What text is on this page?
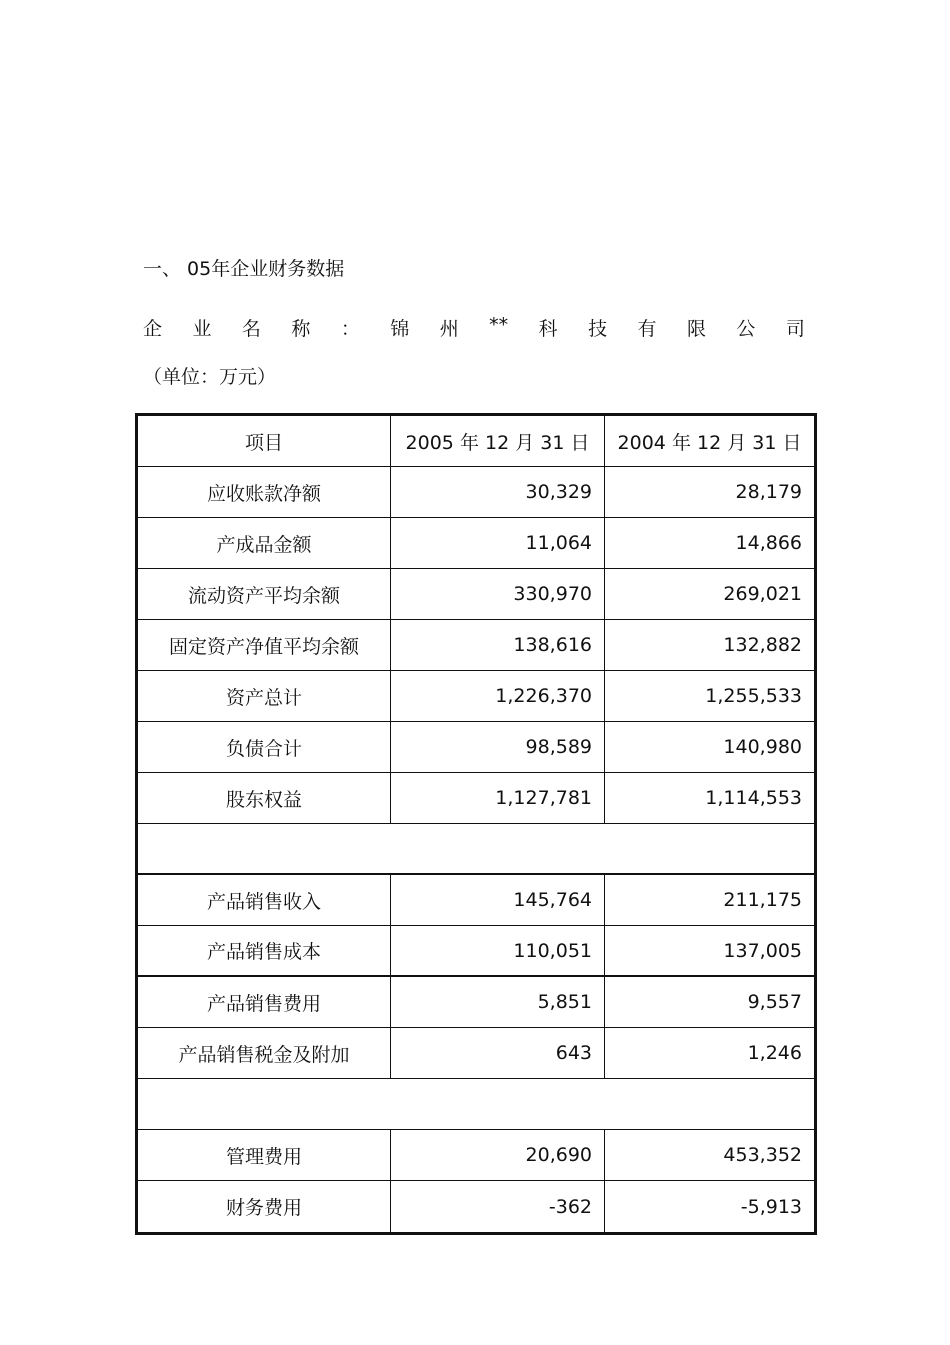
一、 05年企业财务数据
企 业 名 称 ： 锦 州 ** 科 技 有 限 公 司
（单位：万元）
项目	2005 年 12 月 31 日	2004 年 12 月 31 日
应收账款净额	30,329	28,179
产成品金额	11,064	14,866
流动资产平均余额	330,970	269,021
固定资产净值平均余额	138,616	132,882
资产总计	1,226,370	1,255,533
负债合计	98,589	140,980
股东权益	1,127,781	1,114,553
产品销售收入	145,764	211,175
产品销售成本	110,051	137,005
产品销售费用	5,851	9,557
产品销售税金及附加	643	1,246
管理费用	20,690	453,352
财务费用	-362	-5,913
